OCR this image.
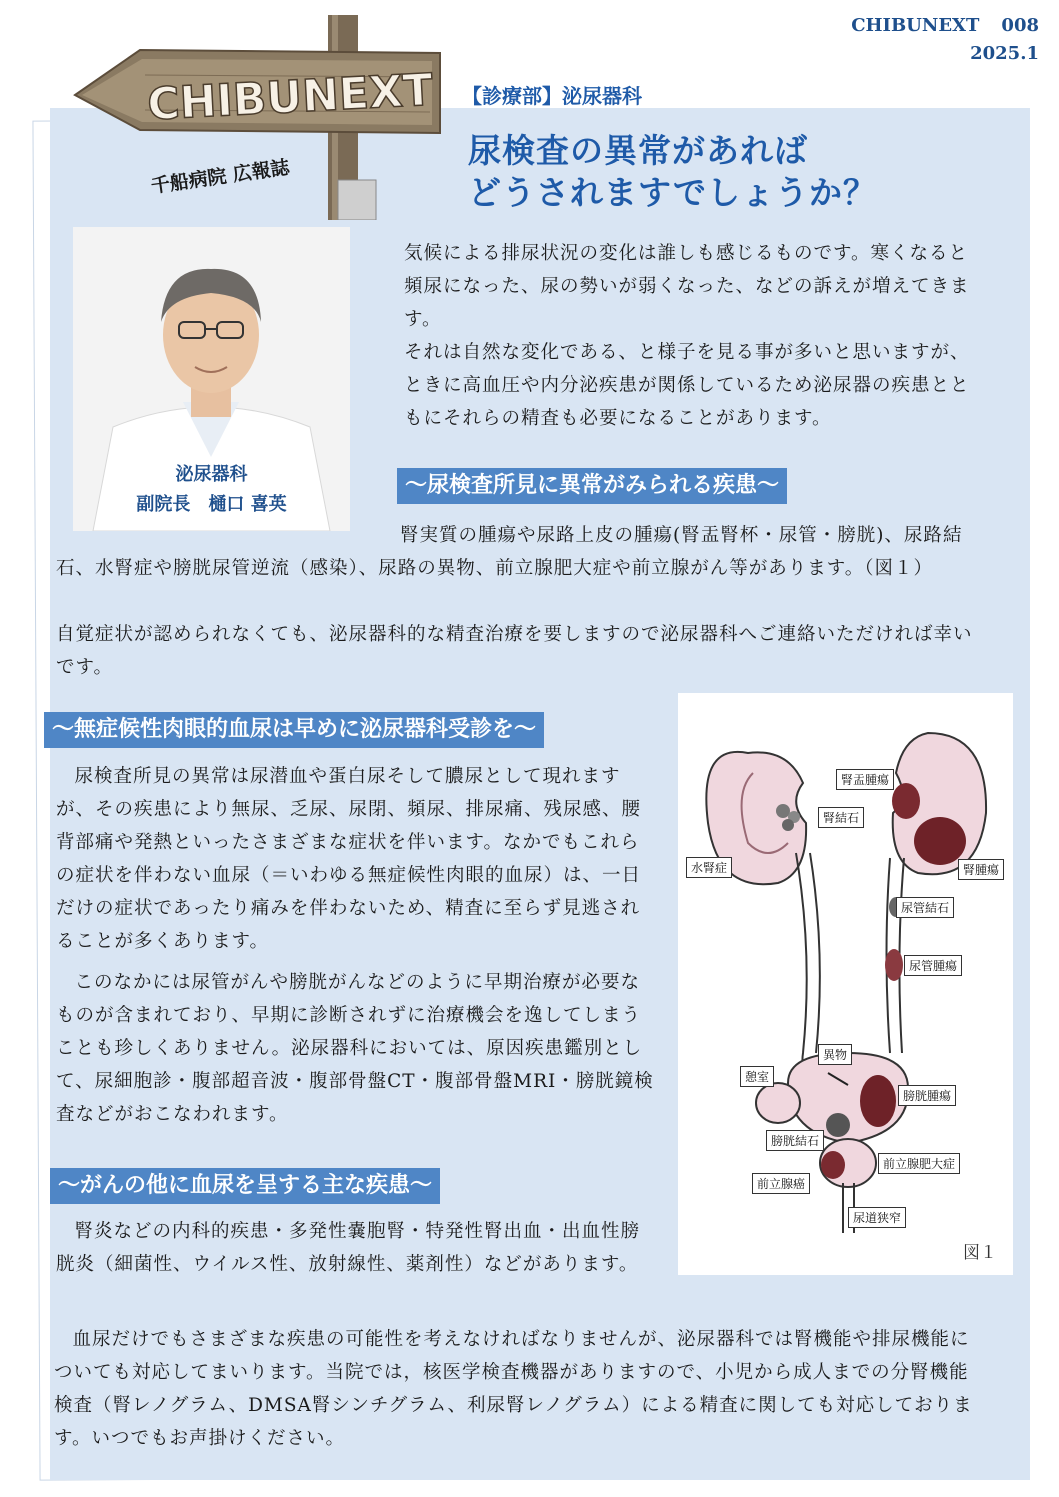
CHIBUNEXT 008
2025.1
CHIBUNEXT
千船病院 広報誌
【診療部】泌尿器科
尿検査の異常があれば
どうされますでしょうか？
泌尿器科
副院長　樋口 喜英

気候による排尿状況の変化は誰しも感じるものです。寒くなると頻尿になった、尿の勢いが弱くなった、などの訴えが増えてきます。

それは自然な変化である、と様子を見る事が多いと思いますが、ときに高血圧や内分泌疾患が関係しているため泌尿器の疾患とともにそれらの精査も必要になることがあります。

～尿検査所見に異常がみられる疾患～

腎実質の腫瘍や尿路上皮の腫瘍(腎盂腎杯・尿管・膀胱)、尿路結石、水腎症や膀胱尿管逆流（感染）、尿路の異物、前立腺肥大症や前立腺がん等があります。（図１）

自覚症状が認められなくても、泌尿器科的な精査治療を要しますので泌尿器科へご連絡いただければ幸いです。

～無症候性肉眼的血尿は早めに泌尿器科受診を～

尿検査所見の異常は尿潜血や蛋白尿そして膿尿として現れますが、その疾患により無尿、乏尿、尿閉、頻尿、排尿痛、残尿感、腰背部痛や発熱といったさまざまな症状を伴います。なかでもこれらの症状を伴わない血尿（＝いわゆる無症候性肉眼的血尿）は、一日だけの症状であったり痛みを伴わないため、精査に至らず見逃されることが多くあります。

このなかには尿管がんや膀胱がんなどのように早期治療が必要なものが含まれており、早期に診断されずに治療機会を逸してしまうことも珍しくありません。泌尿器科においては、原因疾患鑑別として、尿細胞診・腹部超音波・腹部骨盤CT・腹部骨盤MRI・膀胱鏡検査などがおこなわれます。

～がんの他に血尿を呈する主な疾患～

腎炎などの内科的疾患・多発性嚢胞腎・特発性腎出血・出血性膀胱炎（細菌性、ウイルス性、放射線性、薬剤性）などがあります。

血尿だけでもさまざまな疾患の可能性を考えなければなりませんが、泌尿器科では腎機能や排尿機能についても対応してまいります。当院では，核医学検査機器がありますので、小児から成人までの分腎機能検査（腎レノグラム、DMSA腎シンチグラム、利尿腎レノグラム）による精査に関しても対応しております。いつでもお声掛けください。

腎盂腫瘍
腎結石
水腎症	腎腫瘍
尿管結石
尿管腫瘍
異物
憩室
膀胱腫瘍
膀胱結石
前立腺肥大症
前立腺癌
尿道狭窄
図１
